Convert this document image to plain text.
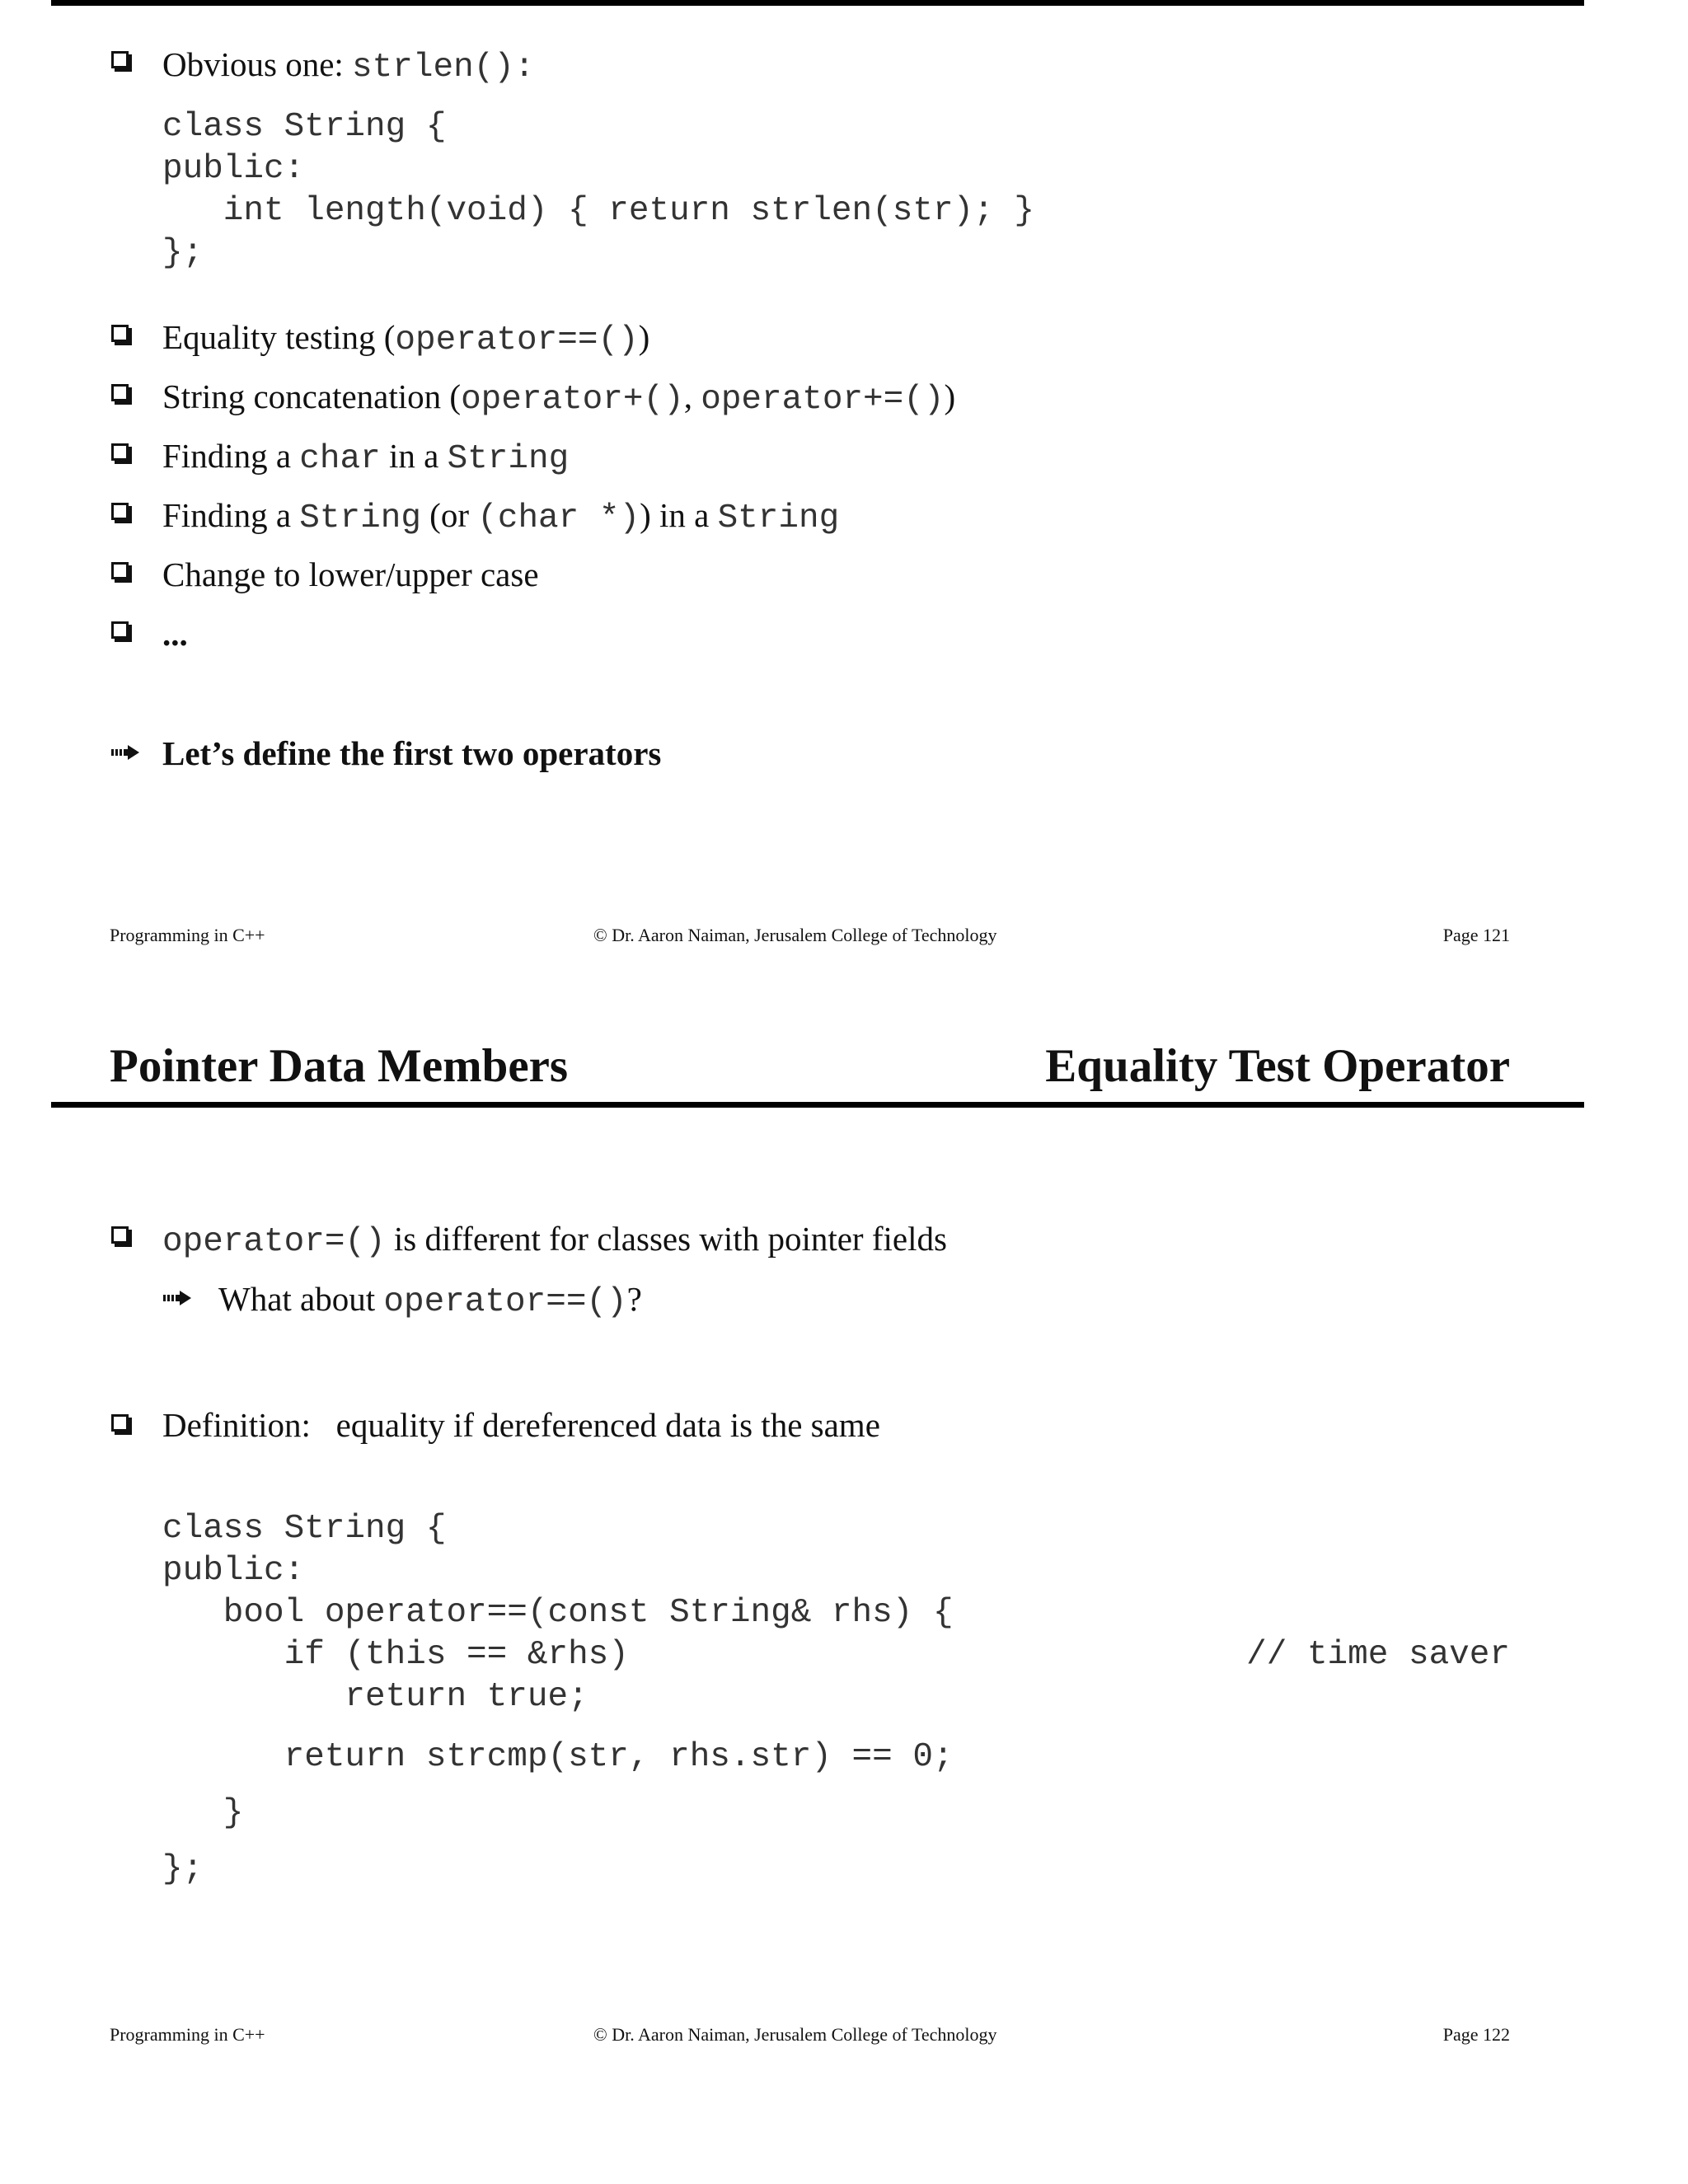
Obvious one: strlen():
class String {
public:
int length(void) { return strlen(str); }
};
Equality testing (operator==())
String concatenation (operator+(), operator+=())
Finding a char in a String
Finding a String (or (char *)) in a String
Change to lower/upper case
...
Let’s define the first two operators
Programming in C++	© Dr. Aaron Naiman, Jerusalem College of Technology	Page 121
Pointer Data Members	Equality Test Operator
operator=() is different for classes with pointer fields
What about operator==()?
Definition:   equality if dereferenced data is the same
class String {
public:
bool operator==(const String& rhs) {
if (this == &rhs)	// time saver
return true;
return strcmp(str, rhs.str) == 0;
}
};
Programming in C++	© Dr. Aaron Naiman, Jerusalem College of Technology	Page 122
